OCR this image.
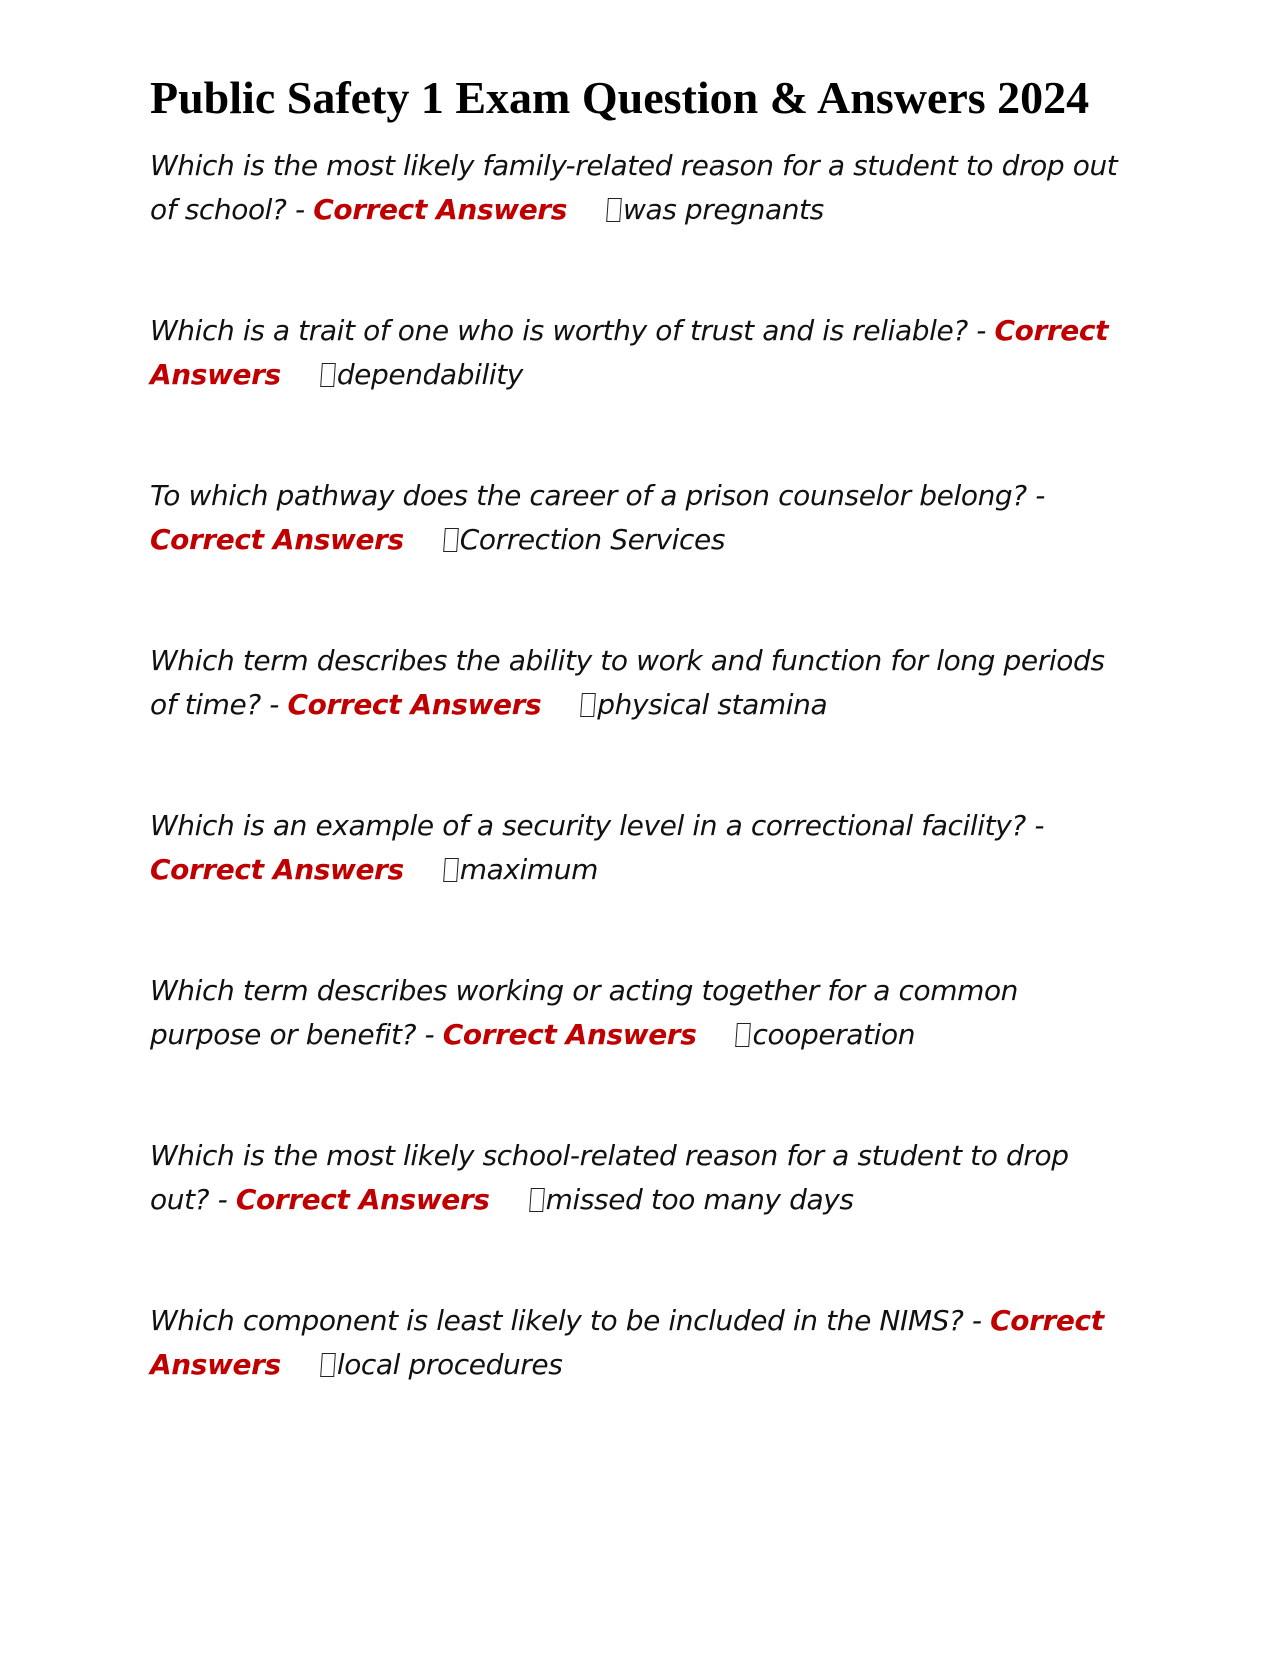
Public Safety 1 Exam Question & Answers 2024

Which is the most likely family-related reason for a student to drop out of school? - Correct Answers was pregnants

Which is a trait of one who is worthy of trust and is reliable? - Correct Answers dependability

To which pathway does the career of a prison counselor belong? - Correct Answers Correction Services

Which term describes the ability to work and function for long periods of time? - Correct Answers physical stamina

Which is an example of a security level in a correctional facility? - Correct Answers maximum

Which term describes working or acting together for a common purpose or benefit? - Correct Answers cooperation

Which is the most likely school-related reason for a student to drop out? - Correct Answers missed too many days

Which component is least likely to be included in the NIMS? - Correct Answers local procedures
